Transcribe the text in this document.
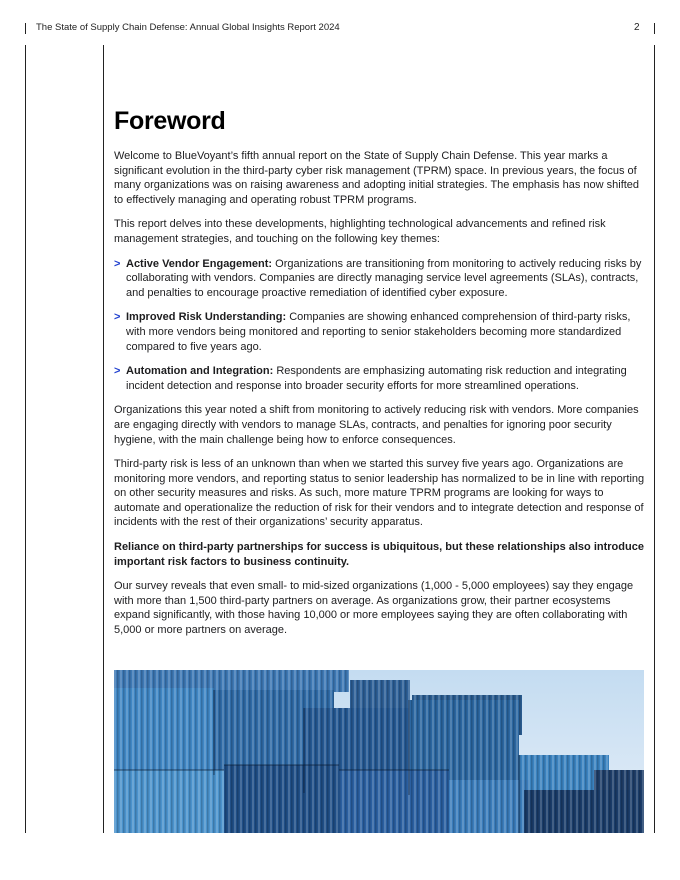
The State of Supply Chain Defense: Annual Global Insights Report 2024	2
Foreword

Welcome to BlueVoyant’s fifth annual report on the State of Supply Chain Defense. This year marks a significant evolution in the third-party cyber risk management (TPRM) space. In previous years, the focus of many organizations was on raising awareness and adopting initial strategies. The emphasis has now shifted to effectively managing and operating robust TPRM programs.

This report delves into these developments, highlighting technological advancements and refined risk management strategies, and touching on the following key themes:

> Active Vendor Engagement: Organizations are transitioning from monitoring to actively reducing risks by collaborating with vendors. Companies are directly managing service level agreements (SLAs), contracts, and penalties to encourage proactive remediation of identified cyber exposure.
> Improved Risk Understanding: Companies are showing enhanced comprehension of third-party risks, with more vendors being monitored and reporting to senior stakeholders becoming more standardized compared to five years ago.
> Automation and Integration: Respondents are emphasizing automating risk reduction and integrating incident detection and response into broader security efforts for more streamlined operations.

Organizations this year noted a shift from monitoring to actively reducing risk with vendors. More companies are engaging directly with vendors to manage SLAs, contracts, and penalties for ignoring poor security hygiene, with the main challenge being how to enforce consequences.

Third-party risk is less of an unknown than when we started this survey five years ago. Organizations are monitoring more vendors, and reporting status to senior leadership has normalized to be in line with reporting on other security measures and risks. As such, more mature TPRM programs are looking for ways to automate and operationalize the reduction of risk for their vendors and to integrate detection and response of incidents with the rest of their organizations’ security apparatus.

Reliance on third-party partnerships for success is ubiquitous, but these relationships also introduce important risk factors to business continuity.

Our survey reveals that even small- to mid-sized organizations (1,000 - 5,000 employees) say they engage with more than 1,500 third-party partners on average. As organizations grow, their partner ecosystems expand significantly, with those having 10,000 or more employees saying they are often collaborating with 5,000 or more partners on average.
